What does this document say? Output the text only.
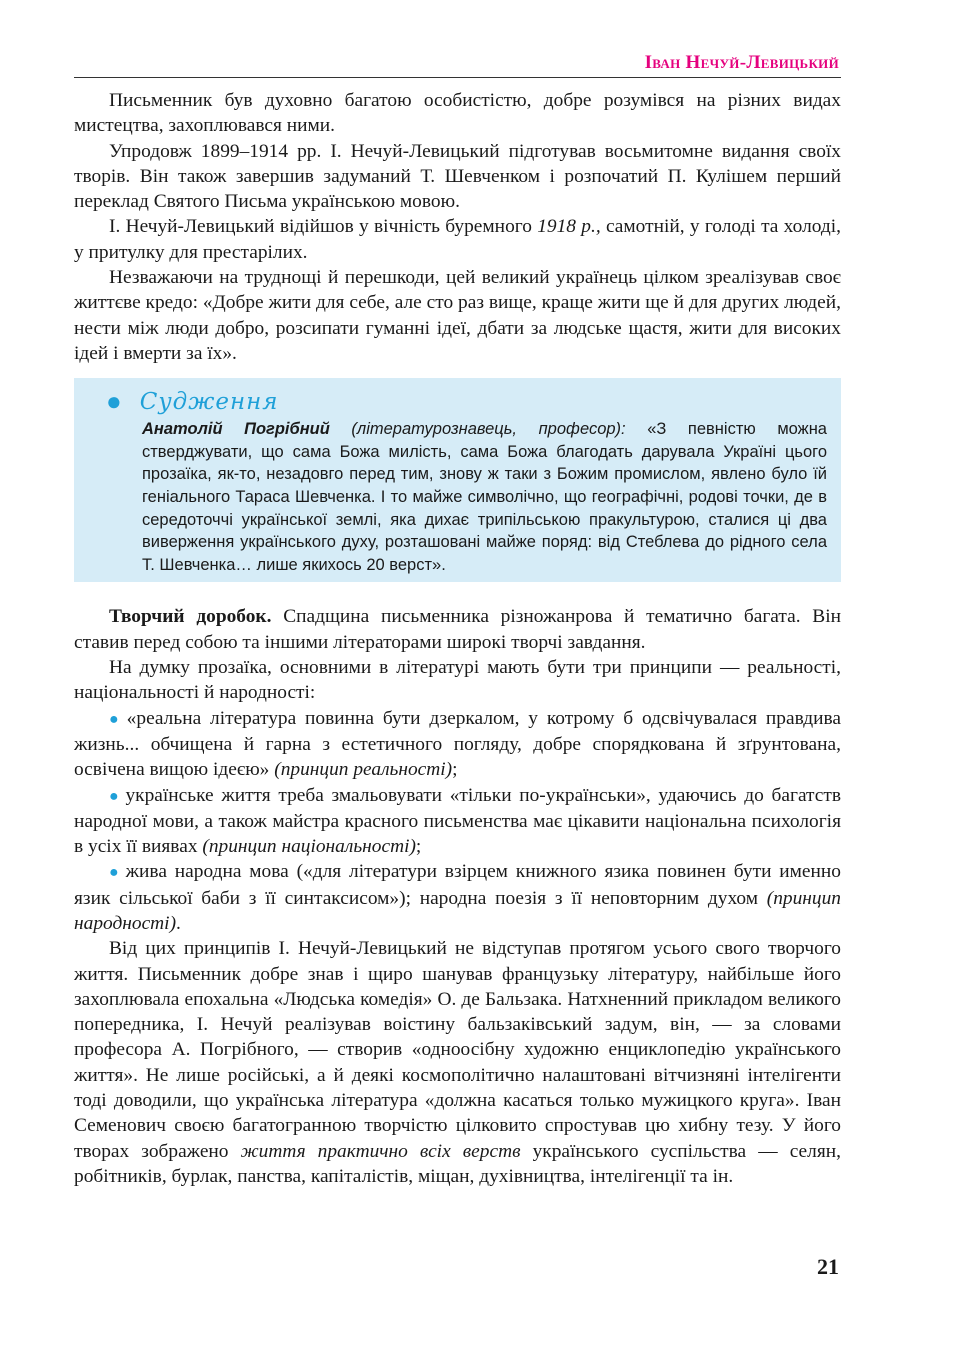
Іван Нечуй-Левицький

Письменник був духовно багатою особистістю, добре розумівся на різних видах мистецтва, захоплювався ними.

Упродовж 1899–1914 рр. І. Нечуй-Левицький підготував восьмитомне видання своїх творів. Він також завершив задуманий Т. Шевченком і розпочатий П. Кулішем перший переклад Святого Письма українською мовою.

І. Нечуй-Левицький відійшов у вічність буремного 1918 р., самотній, у голоді та холоді, у притулку для престарілих.

Незважаючи на труднощі й перешкоди, цей великий українець цілком зреалізував своє життєве кредо: «Добре жити для себе, але сто раз вище, краще жити ще й для других людей, нести між люди добро, розсипати гуманні ідеї, дбати за людське щастя, жити для високих ідей і вмерти за їх».

● Судження
Анатолій Погрібний (літературознавець, професор): «З певністю можна стверджувати, що сама Божа милість, сама Божа благодать дарувала Україні цього прозаїка, як-то, незадовго перед тим, знову ж таки з Божим промислом, явлено було їй геніального Тараса Шевченка. І то майже символічно, що географічні, родові точки, де в середоточчі української землі, яка дихає трипільською пракультурою, сталися ці два виверження українського духу, розташовані майже поряд: від Стеблева до рідного села Т. Шевченка… лише якихось 20 верст».

Творчий доробок. Спадщина письменника різножанрова й тематично багата. Він ставив перед собою та іншими літераторами широкі творчі завдання.

На думку прозаїка, основними в літературі мають бути три принципи — реальності, національності й народності:

● «реальна література повинна бути дзеркалом, у котрому б одсвічувалася правдива жизнь... обчищена й гарна з естетичного погляду, добре спорядкована й зґрунтована, освічена вищою ідеєю» (принцип реальності);

● українське життя треба змальовувати «тільки по-українськи», удаючись до багатств народної мови, а також майстра красного письменства має цікавити національна психологія в усіх її виявах (принцип національності);

● жива народна мова («для літератури взірцем книжного язика повинен бути именно язик сільської баби з її синтаксисом»); народна поезія з її неповторним духом (принцип народності).

Від цих принципів І. Нечуй-Левицький не відступав протягом усього свого творчого життя. Письменник добре знав і щиро шанував французьку літературу, найбільше його захоплювала епохальна «Людська комедія» О. де Бальзака. Натхненний прикладом великого попередника, І. Нечуй реалізував воістину бальзаківський задум, він, — за словами професора А. Погрібного, — створив «одноосібну художню енциклопедію українського життя». Не лише російські, а й деякі космополітично налаштовані вітчизняні інтелігенти тоді доводили, що українська література «должна касаться только мужицкого круга». Іван Семенович своєю багатогранною творчістю цілковито спростував цю хибну тезу. У його творах зображено життя практично всіх верств українського суспільства — селян, робітників, бурлак, панства, капіталістів, міщан, духівництва, інтелігенції та ін.

21
